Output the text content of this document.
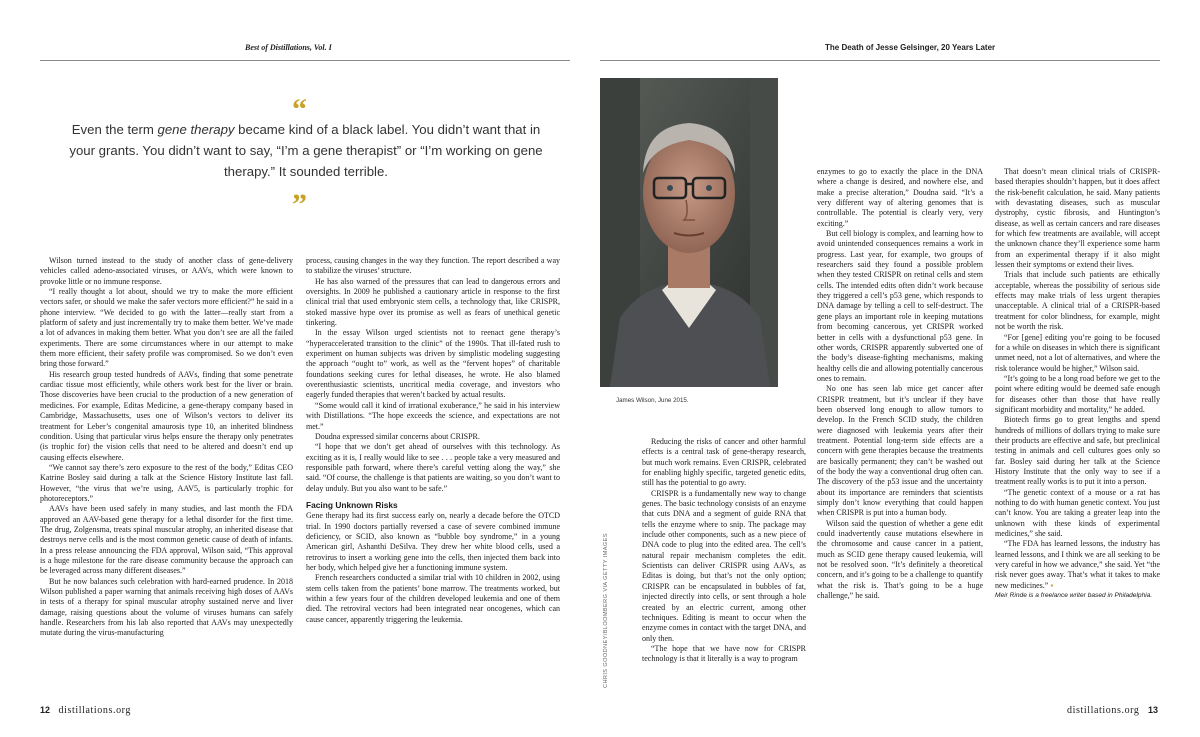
Best of Distillations, Vol. I	The Death of Jesse Gelsinger, 20 Years Later
“
Even the term gene therapy became kind of a black label. You didn’t want that in your grants. You didn’t want to say, “I’m a gene therapist” or “I’m working on gene therapy.” It sounded terrible.
”

Wilson turned instead to the study of another class of gene-delivery vehicles called adeno-associated viruses, or AAVs, which were known to provoke little or no immune response.

“I really thought a lot about, should we try to make the more efficient vectors safer, or should we make the safer vectors more efficient?” he said in a phone interview. “We decided to go with the latter—really start from a platform of safety and just incrementally try to make them better. We’ve made a lot of advances in making them better. What you don’t see are all the failed experiments. There are some circumstances where in our attempt to make them more efficient, their safety profile was compromised. So we don’t even bring those forward.”

His research group tested hundreds of AAVs, finding that some penetrate cardiac tissue most efficiently, while others work best for the liver or brain. Those discoveries have been crucial to the production of a new generation of medicines. For example, Editas Medicine, a gene-therapy company based in Cambridge, Massachusetts, uses one of Wilson’s vectors to deliver its treatment for Leber’s congenital amaurosis type 10, an inherited blindness condition. Using that particular virus helps ensure the therapy only penetrates (is trophic for) the vision cells that need to be altered and doesn’t end up causing effects elsewhere.

“We cannot say there’s zero exposure to the rest of the body,” Editas CEO Katrine Bosley said during a talk at the Science History Institute last fall. However, “the virus that we’re using, AAV5, is particularly trophic for photoreceptors.”

AAVs have been used safely in many studies, and last month the FDA approved an AAV-based gene therapy for a lethal disorder for the first time. The drug, Zolgensma, treats spinal muscular atrophy, an inherited disease that destroys nerve cells and is the most common genetic cause of death of infants. In a press release announcing the FDA approval, Wilson said, “This approval is a huge milestone for the rare disease community because the approach can be leveraged across many different diseases.”

But he now balances such celebration with hard-earned prudence. In 2018 Wilson published a paper warning that animals receiving high doses of AAVs in tests of a therapy for spinal muscular atrophy sustained nerve and liver damage, raising questions about the volume of viruses humans can safely handle. Researchers from his lab also reported that AAVs may unexpectedly mutate during the virus-manufacturing

process, causing changes in the way they function. The report described a way to stabilize the viruses’ structure.

He has also warned of the pressures that can lead to dangerous errors and oversights. In 2009 he published a cautionary article in response to the first clinical trial that used embryonic stem cells, a technology that, like CRISPR, stoked massive hype over its promise as well as fears of unethical genetic tinkering.

In the essay Wilson urged scientists not to reenact gene therapy’s “hyperaccelerated transition to the clinic” of the 1990s. That ill-fated rush to experiment on human subjects was driven by simplistic modeling suggesting the approach “ought to” work, as well as the “fervent hopes” of charitable foundations seeking cures for lethal diseases, he wrote. He also blamed overenthusiastic scientists, uncritical media coverage, and investors who eagerly funded therapies that weren’t backed by actual results.

“Some would call it kind of irrational exuberance,” he said in his interview with Distillations. “The hope exceeds the science, and expectations are not met.”

Doudna expressed similar concerns about CRISPR.

“I hope that we don’t get ahead of ourselves with this technology. As exciting as it is, I really would like to see . . . people take a very measured and responsible path forward, where there’s careful vetting along the way,” she said. “Of course, the challenge is that patients are waiting, so you don’t want to delay unduly. But you also want to be safe.”

Facing Unknown Risks

Gene therapy had its first success early on, nearly a decade before the OTCD trial. In 1990 doctors partially reversed a case of severe combined immune deficiency, or SCID, also known as “bubble boy syndrome,” in a young American girl, Ashanthi DeSilva. They drew her white blood cells, used a retrovirus to insert a working gene into the cells, then injected them back into her body, which helped give her a functioning immune system.

French researchers conducted a similar trial with 10 children in 2002, using stem cells taken from the patients’ bone marrow. The treatments worked, but within a few years four of the children developed leukemia and one of them died. The retroviral vectors had been integrated near oncogenes, which can cause cancer, apparently triggering the leukemia.

James Wilson, June 2015.
CHRIS GOODNEY/BLOOMBERG VIA GETTY IMAGES

Reducing the risks of cancer and other harmful effects is a central task of gene-therapy research, but much work remains. Even CRISPR, celebrated for enabling highly specific, targeted genetic edits, still has the potential to go awry.

CRISPR is a fundamentally new way to change genes. The basic technology consists of an enzyme that cuts DNA and a segment of guide RNA that tells the enzyme where to snip. The package may include other components, such as a new piece of DNA code to plug into the edited area. The cell’s natural repair mechanism completes the edit. Scientists can deliver CRISPR using AAVs, as Editas is doing, but that’s not the only option; CRISPR can be encapsulated in bubbles of fat, injected directly into cells, or sent through a hole created by an electric current, among other techniques. Editing is meant to occur when the enzyme comes in contact with the target DNA, and only then.

“The hope that we have now for CRISPR technology is that it literally is a way to program

enzymes to go to exactly the place in the DNA where a change is desired, and nowhere else, and make a precise alteration,” Doudna said. “It’s a very different way of altering genomes that is controllable. The potential is clearly very, very exciting.”

But cell biology is complex, and learning how to avoid unintended consequences remains a work in progress. Last year, for example, two groups of researchers said they found a possible problem when they tested CRISPR on retinal cells and stem cells. The intended edits often didn’t work because they triggered a cell’s p53 gene, which responds to DNA damage by telling a cell to self-destruct. The gene plays an important role in keeping mutations from becoming cancerous, yet CRISPR worked better in cells with a dysfunctional p53 gene. In other words, CRISPR apparently subverted one of the body’s disease-fighting mechanisms, making healthy cells die and allowing potentially cancerous ones to remain.

No one has seen lab mice get cancer after CRISPR treatment, but it’s unclear if they have been observed long enough to allow tumors to develop. In the French SCID study, the children were diagnosed with leukemia years after their treatment. Potential long-term side effects are a concern with gene therapies because the treatments are basically permanent; they can’t be washed out of the body the way a conventional drug often can. The discovery of the p53 issue and the uncertainty about its importance are reminders that scientists simply don’t know everything that could happen when CRISPR is put into a human body.

Wilson said the question of whether a gene edit could inadvertently cause mutations elsewhere in the chromosome and cause cancer in a patient, much as SCID gene therapy caused leukemia, will not be resolved soon. “It’s definitely a theoretical concern, and it’s going to be a challenge to quantify what the risk is. That’s going to be a huge challenge,” he said.

That doesn’t mean clinical trials of CRISPR-based therapies shouldn’t happen, but it does affect the risk-benefit calculation, he said. Many patients with devastating diseases, such as muscular dystrophy, cystic fibrosis, and Huntington’s disease, as well as certain cancers and rare diseases for which few treatments are available, will accept the unknown chance they’ll experience some harm from an experimental therapy if it also might lessen their symptoms or extend their lives.

Trials that include such patients are ethically acceptable, whereas the possibility of serious side effects may make trials of less urgent therapies unacceptable. A clinical trial of a CRISPR-based treatment for color blindness, for example, might not be worth the risk.

“For [gene] editing you’re going to be focused for a while on diseases in which there is significant unmet need, not a lot of alternatives, and where the risk tolerance would be higher,” Wilson said.

“It’s going to be a long road before we get to the point where editing would be deemed safe enough for diseases other than those that have really significant morbidity and mortality,” he added.

Biotech firms go to great lengths and spend hundreds of millions of dollars trying to make sure their products are effective and safe, but preclinical testing in animals and cell cultures goes only so far. Bosley said during her talk at the Science History Institute that the only way to see if a treatment really works is to put it into a person.

“The genetic context of a mouse or a rat has nothing to do with human genetic context. You just can’t know. You are taking a greater leap into the unknown with these kinds of experimental medicines,” she said.

“The FDA has learned lessons, the industry has learned lessons, and I think we are all seeking to be very careful in how we advance,” she said. Yet “the risk never goes away. That’s what it takes to make new medicines.” ▪

Meir Rinde is a freelance writer based in Philadelphia.

12 distillations.org	distillations.org 13
